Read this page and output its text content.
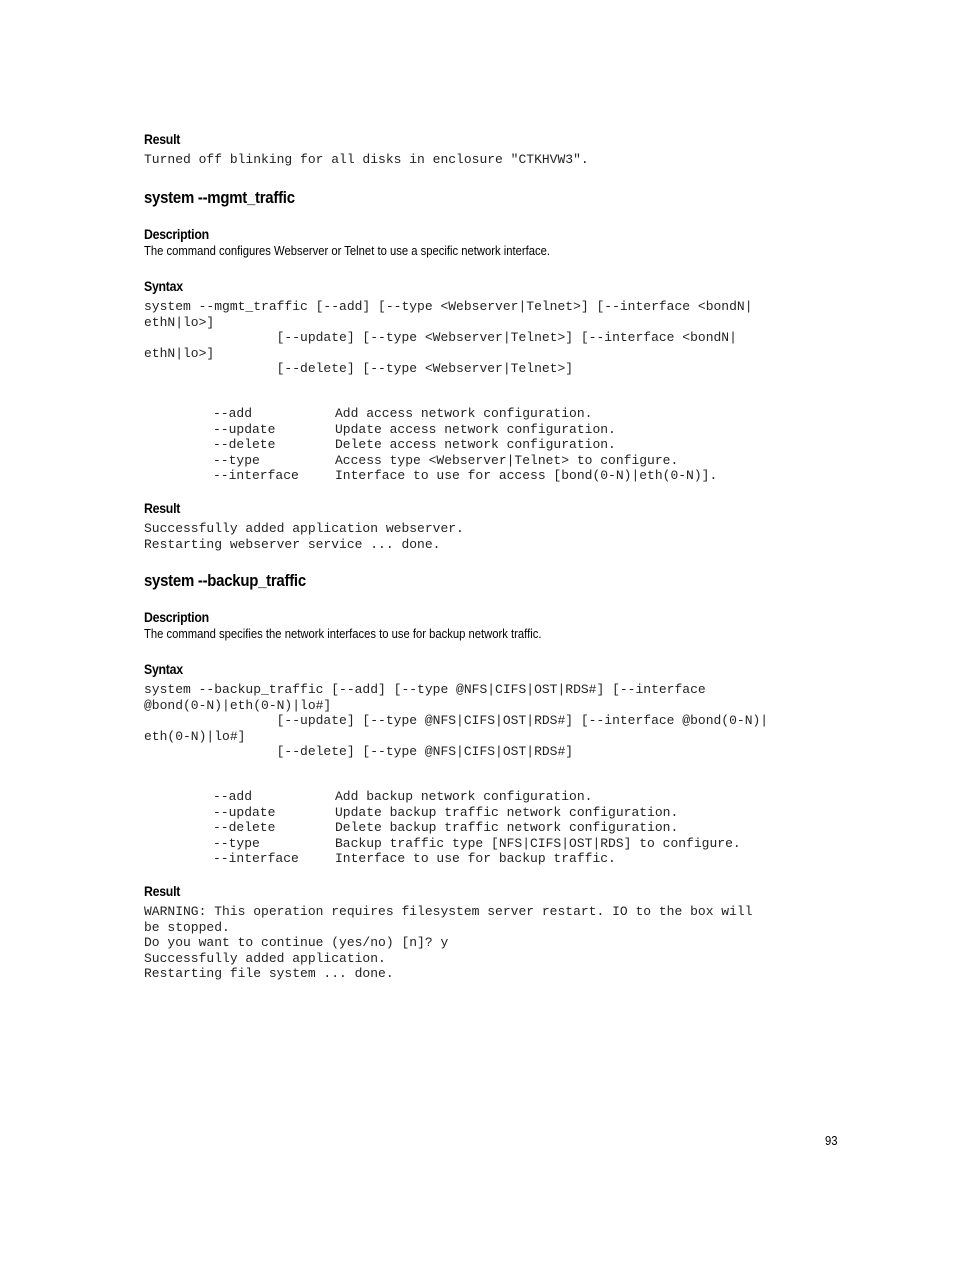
Result
Turned off blinking for all disks in enclosure "CTKHVW3".
system --mgmt_traffic
Description
The command configures Webserver or Telnet to use a specific network interface.
Syntax
system --mgmt_traffic [--add] [--type <Webserver|Telnet>] [--interface <bondN|
ethN|lo>]
[--update] [--type <Webserver|Telnet>] [--interface <bondN|
ethN|lo>]
[--delete] [--type <Webserver|Telnet>]
--add	Add access network configuration.
--update	Update access network configuration.
--delete	Delete access network configuration.
--type	Access type <Webserver|Telnet> to configure.
--interface	Interface to use for access [bond(0-N)|eth(0-N)].
Result
Successfully added application webserver.
Restarting webserver service ... done.
system --backup_traffic
Description
The command specifies the network interfaces to use for backup network traffic.
Syntax
system --backup_traffic [--add] [--type @NFS|CIFS|OST|RDS#] [--interface
@bond(0-N)|eth(0-N)|lo#]
[--update] [--type @NFS|CIFS|OST|RDS#] [--interface @bond(0-N)|
eth(0-N)|lo#]
[--delete] [--type @NFS|CIFS|OST|RDS#]
--add	Add backup network configuration.
--update	Update backup traffic network configuration.
--delete	Delete backup traffic network configuration.
--type	Backup traffic type [NFS|CIFS|OST|RDS] to configure.
--interface	Interface to use for backup traffic.
Result
WARNING: This operation requires filesystem server restart. IO to the box will
be stopped.
Do you want to continue (yes/no) [n]? y
Successfully added application.
Restarting file system ... done.
93
